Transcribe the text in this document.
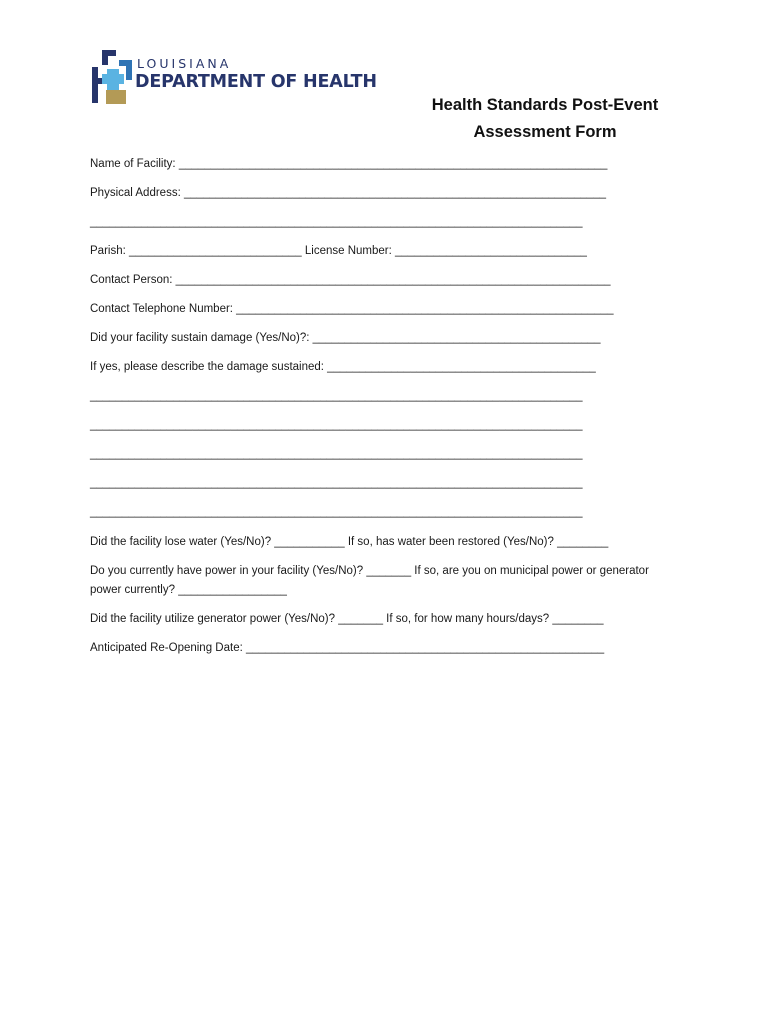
LOUISIANA
DEPARTMENT OF HEALTH
Health Standards Post-Event
Assessment Form
Name of Facility: ___________________________________________________________________
Physical Address: __________________________________________________________________
_____________________________________________________________________________
Parish: ___________________________ License Number: ______________________________
Contact Person: ____________________________________________________________________
Contact Telephone Number: ___________________________________________________________
Did your facility sustain damage (Yes/No)?: _____________________________________________
If yes, please describe the damage sustained: __________________________________________
_____________________________________________________________________________
_____________________________________________________________________________
_____________________________________________________________________________
_____________________________________________________________________________
_____________________________________________________________________________
Did the facility lose water (Yes/No)? ___________ If so, has water been restored (Yes/No)? ________
Do you currently have power in your facility (Yes/No)? _______ If so, are you on municipal power or generator power currently? _________________
Did the facility utilize generator power (Yes/No)? _______ If so, for how many hours/days? ________
Anticipated Re-Opening Date: ________________________________________________________
